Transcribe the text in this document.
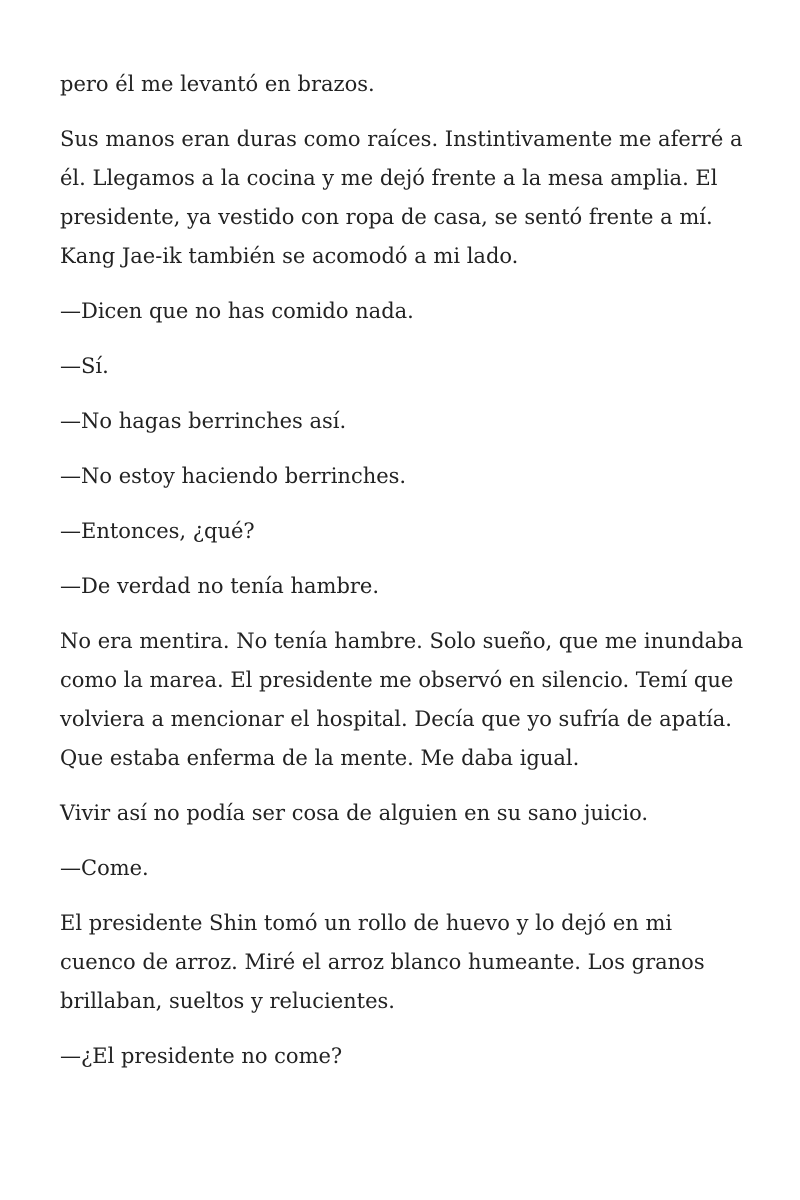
pero él me levantó en brazos.

Sus manos eran duras como raíces. Instintivamente me aferré a él. Llegamos a la cocina y me dejó frente a la mesa amplia. El presidente, ya vestido con ropa de casa, se sentó frente a mí. Kang Jae-ik también se acomodó a mi lado.

—Dicen que no has comido nada.

—Sí.

—No hagas berrinches así.

—No estoy haciendo berrinches.

—Entonces, ¿qué?

—De verdad no tenía hambre.

No era mentira. No tenía hambre. Solo sueño, que me inundaba como la marea. El presidente me observó en silencio. Temí que volviera a mencionar el hospital. Decía que yo sufría de apatía. Que estaba enferma de la mente. Me daba igual.

Vivir así no podía ser cosa de alguien en su sano juicio.

—Come.

El presidente Shin tomó un rollo de huevo y lo dejó en mi cuenco de arroz. Miré el arroz blanco humeante. Los granos brillaban, sueltos y relucientes.

—¿El presidente no come?
